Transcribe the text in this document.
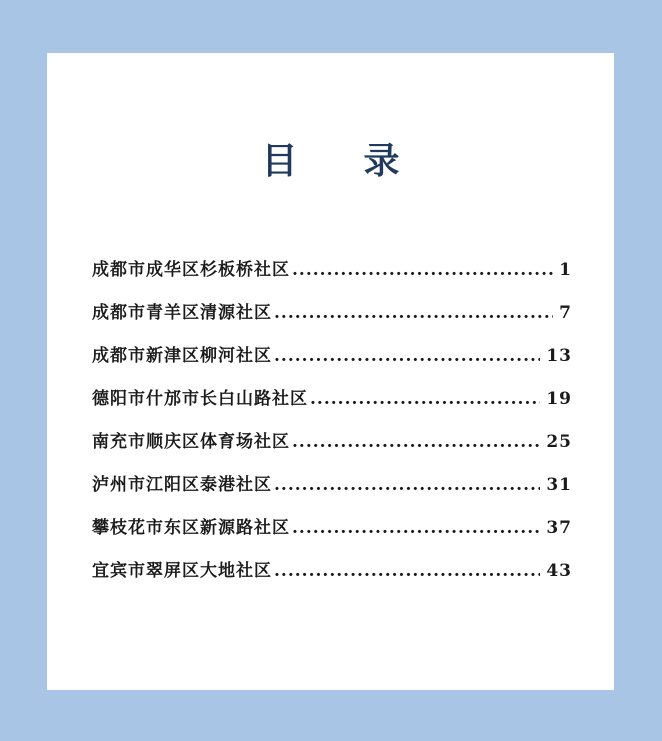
目 录
成都市成华区杉板桥社区 .....	1
成都市青羊区清源社区 .....	7
成都市新津区柳河社区 .....	13
德阳市什邡市长白山路社区 .....	19
南充市顺庆区体育场社区 .....	25
泸州市江阳区泰港社区 .....	31
攀枝花市东区新源路社区 .....	37
宜宾市翠屏区大地社区 .....	43
